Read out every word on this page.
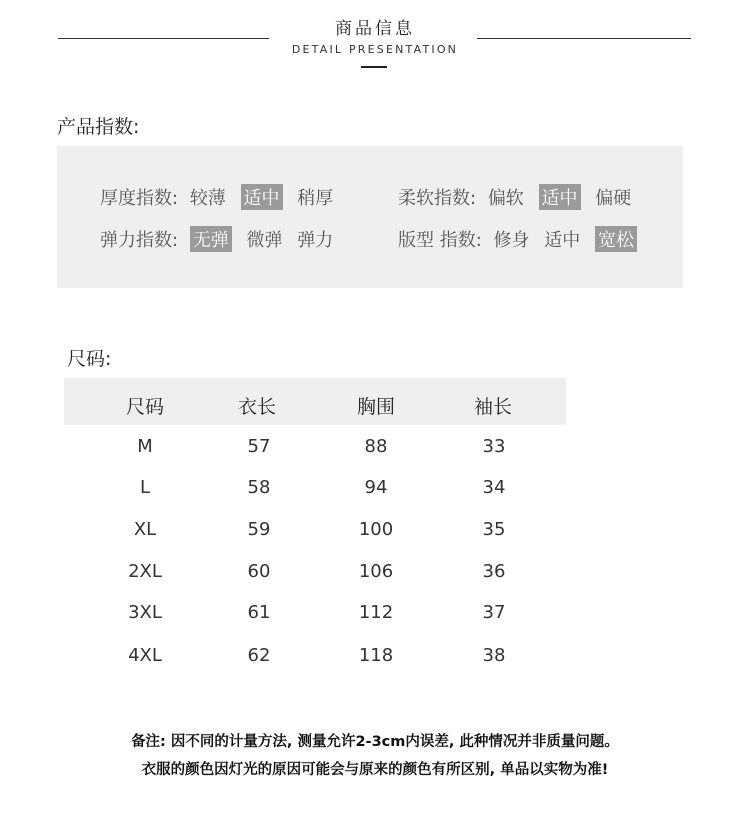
商品信息
DETAIL PRESENTATION
产品指数:
厚度指数: 较薄 适中 稍厚	柔软指数: 偏软 适中 偏硬
弹力指数: 无弹 微弹 弹力	版型 指数: 修身 适中 宽松
尺码:
尺码	衣长	胸围	袖长
M	57	88	33
L	58	94	34
XL	59	100	35
2XL	60	106	36
3XL	61	112	37
4XL	62	118	38
备注: 因不同的计量方法, 测量允许2-3cm内误差, 此种情况并非质量问题。
衣服的颜色因灯光的原因可能会与原来的颜色有所区别, 单品以实物为准!
